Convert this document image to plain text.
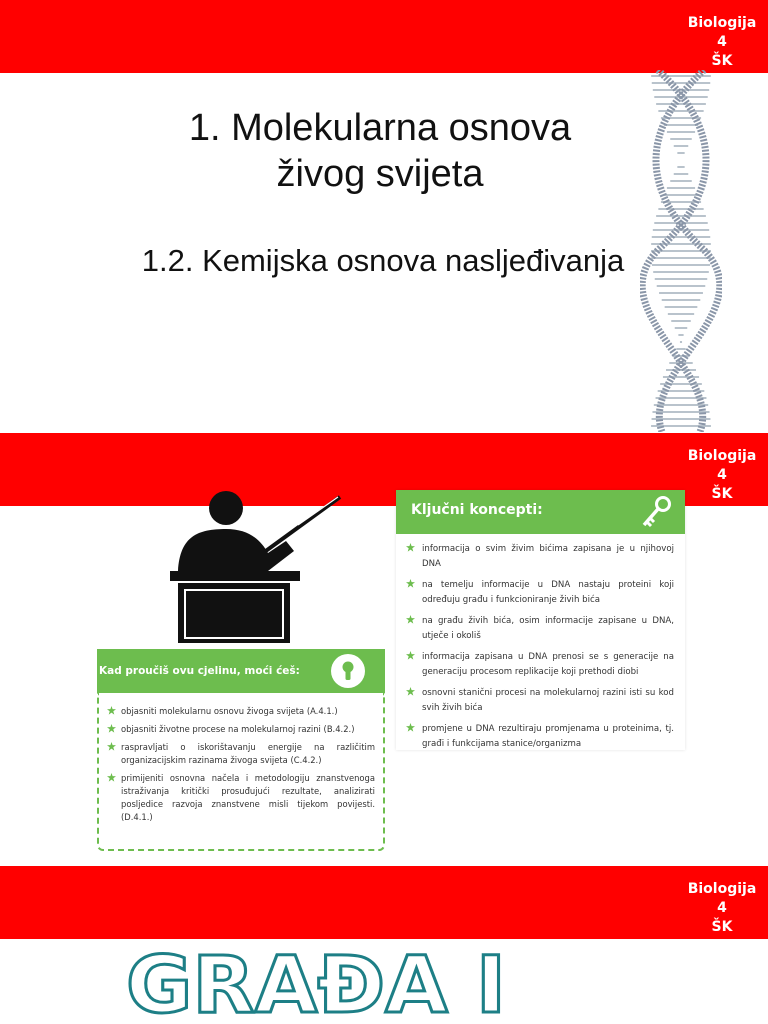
Biologija 4
ŠK
1. Molekularna osnova
živog svijeta
1.2. Kemijska osnova nasljeđivanja
Biologija 4
ŠK
Kad proučiš ovu cjelinu, moći ćeš:
objasniti molekularnu osnovu živoga svijeta (A.4.1.)
objasniti životne procese na molekularnoj razini (B.4.2.)
raspravljati o iskorištavanju energije na različitim organizacijskim razinama živoga svijeta (C.4.2.)
primijeniti osnovna načela i metodologiju znanstvenoga istraživanja kritički prosuđujući rezultate, analizirati posljedice razvoja znanstvene misli tijekom povijesti. (D.4.1.)
Ključni koncepti:
informacija o svim živim bićima zapisana je u njihovoj DNA
na temelju informacije u DNA nastaju proteini koji određuju građu i funkcioniranje živih bića
na građu živih bića, osim informacije zapisane u DNA, utječe i okoliš
informacija zapisana u DNA prenosi se s generacije na generaciju procesom replikacije koji prethodi diobi
osnovni stanični procesi na molekularnoj razini isti su kod svih živih bića
promjene u DNA rezultiraju promjenama u proteinima, tj. građi i funkcijama stanice/organizma
Biologija 4
ŠK
GRAĐA I
